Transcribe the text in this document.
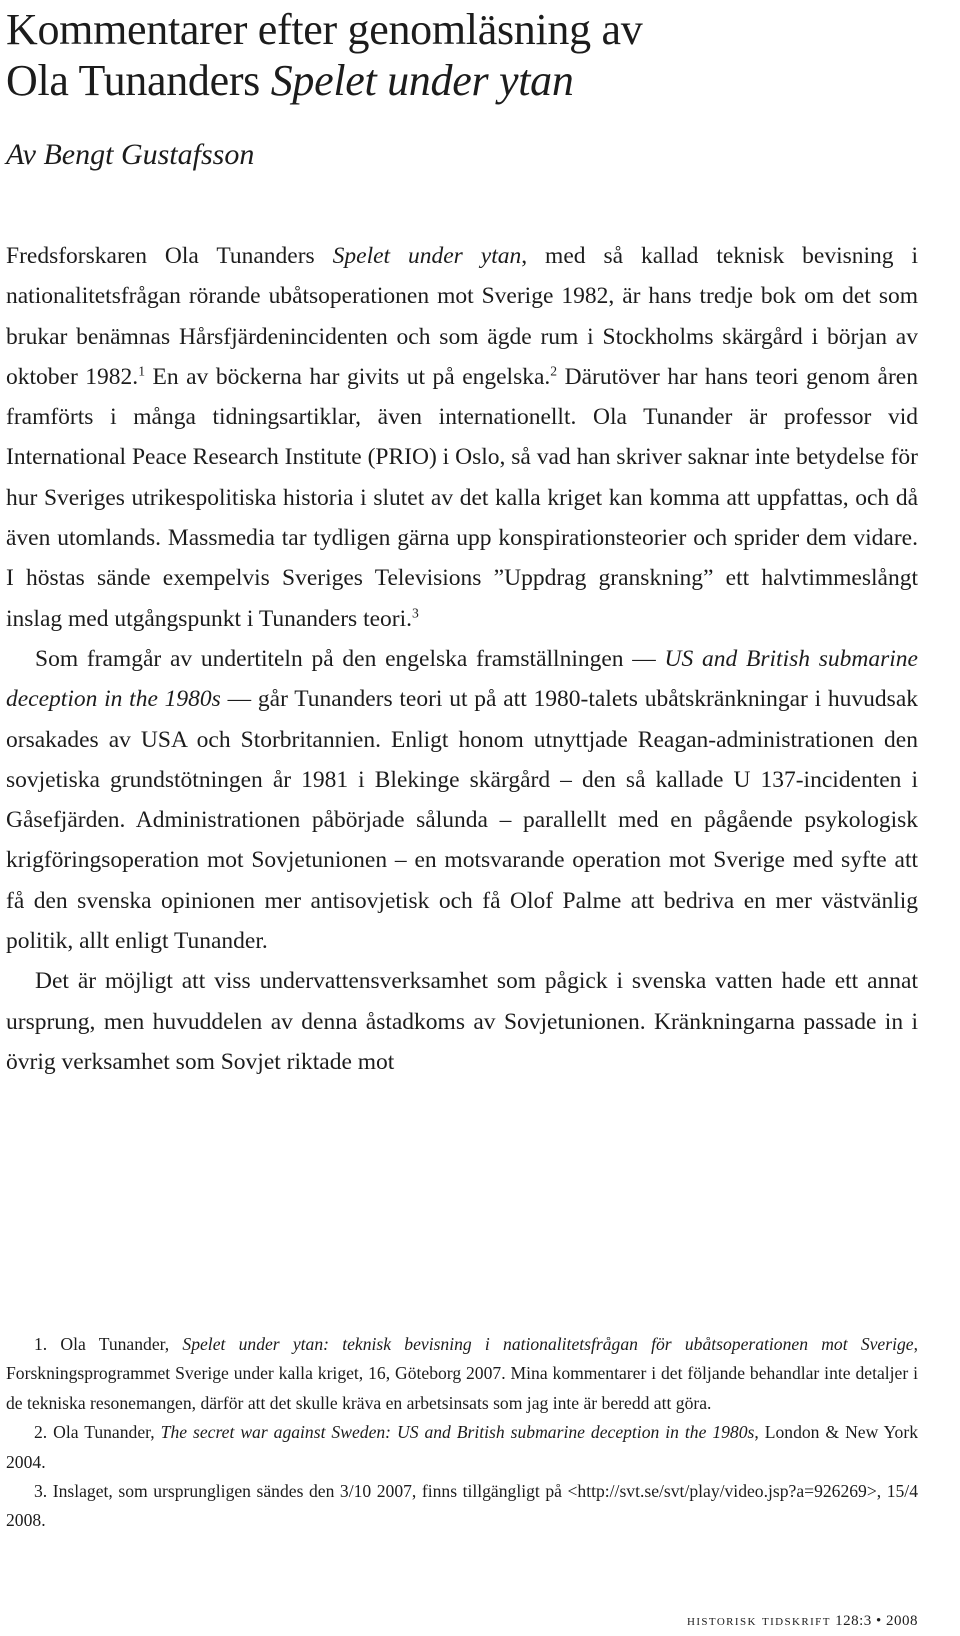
Kommentarer efter genomläsning av
Ola Tunanders Spelet under ytan

Av Bengt Gustafsson

Fredsforskaren Ola Tunanders Spelet under ytan, med så kallad teknisk bevisning i nationalitetsfrågan rörande ubåtsoperationen mot Sverige 1982, är hans tredje bok om det som brukar benämnas Hårsfjärdenincidenten och som ägde rum i Stockholms skärgård i början av oktober 1982.$^1$ En av böckerna har givits ut på engelska.$^2$ Därutöver har hans teori genom åren framförts i många tidningsartiklar, även internationellt. Ola Tunander är professor vid International Peace Research Institute (PRIO) i Oslo, så vad han skriver saknar inte betydelse för hur Sveriges utrikespolitiska historia i slutet av det kalla kriget kan komma att uppfattas, och då även utomlands. Massmedia tar tydligen gärna upp konspirationsteorier och sprider dem vidare. I höstas sände exempelvis Sveriges Televisions ”Uppdrag granskning” ett halvtimmeslångt inslag med utgångspunkt i Tunanders teori.$^3$

Som framgår av undertiteln på den engelska framställningen — US and British submarine deception in the 1980s — går Tunanders teori ut på att 1980-talets ubåtskränkningar i huvudsak orsakades av USA och Storbritannien. Enligt honom utnyttjade Reagan-administrationen den sovjetiska grundstötningen år 1981 i Blekinge skärgård – den så kallade U 137-incidenten i Gåsefjärden. Administrationen påbörjade sålunda – parallellt med en pågående psykologisk krigföringsoperation mot Sovjetunionen – en motsvarande operation mot Sverige med syfte att få den svenska opinionen mer antisovjetisk och få Olof Palme att bedriva en mer västvänlig politik, allt enligt Tunander.

Det är möjligt att viss undervattensverksamhet som pågick i svenska vatten hade ett annat ursprung, men huvuddelen av denna åstadkoms av Sovjetunionen. Kränkningarna passade in i övrig verksamhet som Sovjet riktade mot

1. Ola Tunander, Spelet under ytan: teknisk bevisning i nationalitetsfrågan för ubåtsoperationen mot Sverige, Forskningsprogrammet Sverige under kalla kriget, 16, Göteborg 2007. Mina kommentarer i det följande behandlar inte detaljer i de tekniska resonemangen, därför att det skulle kräva en arbetsinsats som jag inte är beredd att göra.

2. Ola Tunander, The secret war against Sweden: US and British submarine deception in the 1980s, London & New York 2004.

3. Inslaget, som ursprungligen sändes den 3/10 2007, finns tillgängligt på <http://svt.se/svt/play/video.jsp?a=926269>, 15/4 2008.

historisk tidskrift 128:3 • 2008
